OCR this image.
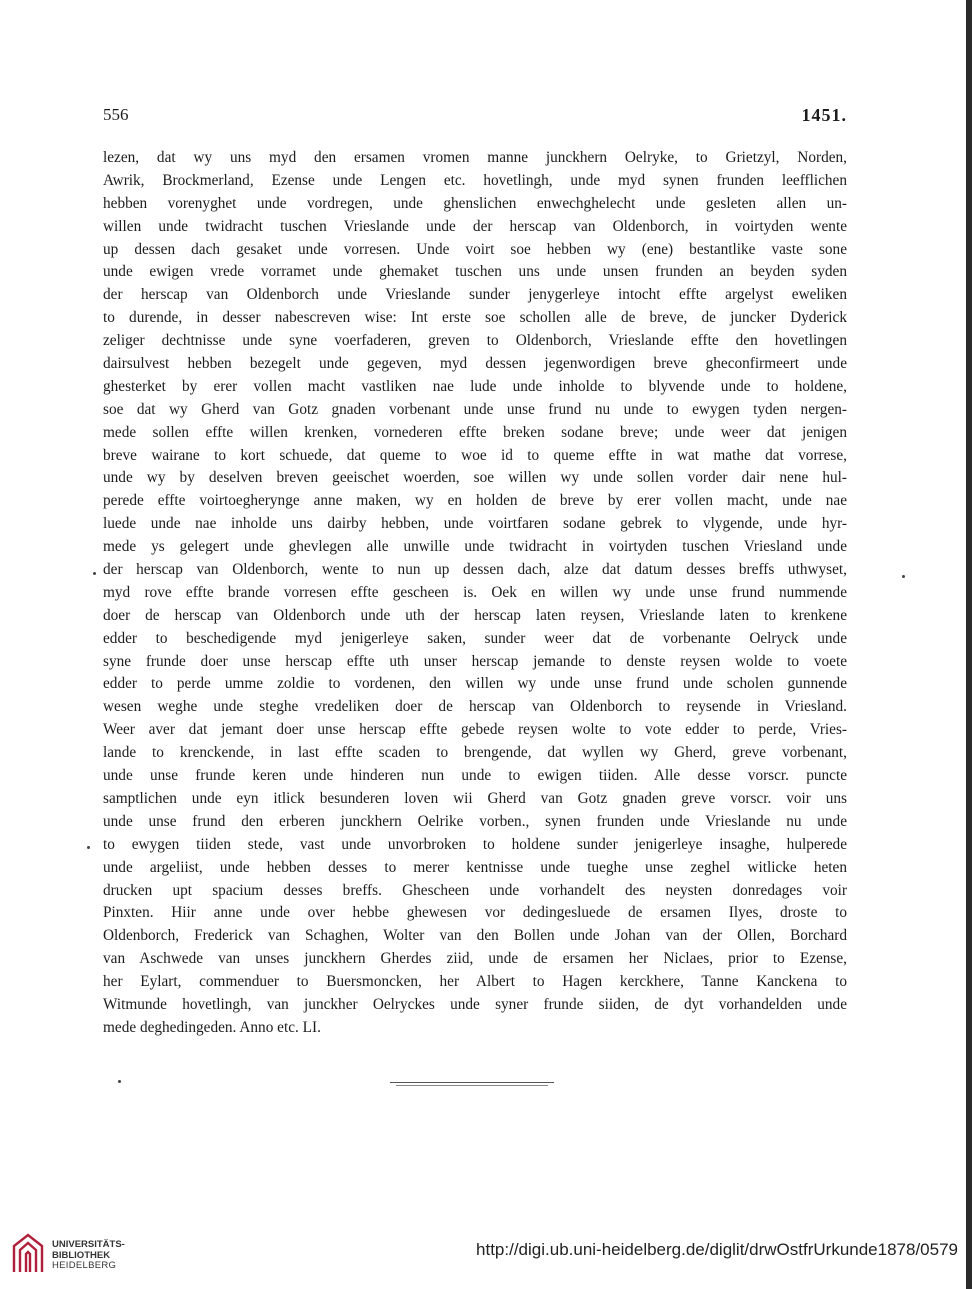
556	1451.
lezen, dat wy uns myd den ersamen vromen manne junckhern Oelryke, to Grietzyl, Norden,
Awrik, Brockmerland, Ezense unde Lengen etc. hovetlingh, unde myd synen frunden leefflichen
hebben vorenyghet unde vordregen, unde ghenslichen enwechghelecht unde gesleten allen un-
willen unde twidracht tuschen Vrieslande unde der herscap van Oldenborch, in voirtyden wente
up dessen dach gesaket unde vorresen. Unde voirt soe hebben wy (ene) bestantlike vaste sone
unde ewigen vrede vorramet unde ghemaket tuschen uns unde unsen frunden an beyden syden
der herscap van Oldenborch unde Vrieslande sunder jenygerleye intocht effte argelyst eweliken
to durende, in desser nabescreven wise: Int erste soe schollen alle de breve, de juncker Dyderick
zeliger dechtnisse unde syne voerfaderen, greven to Oldenborch, Vrieslande effte den hovetlingen
dairsulvest hebben bezegelt unde gegeven, myd dessen jegenwordigen breve gheconfirmeert unde
ghesterket by erer vollen macht vastliken nae lude unde inholde to blyvende unde to holdene,
soe dat wy Gherd van Gotz gnaden vorbenant unde unse frund nu unde to ewygen tyden nergen-
mede sollen effte willen krenken, vornederen effte breken sodane breve; unde weer dat jenigen
breve wairane to kort schuede, dat queme to woe id to queme effte in wat mathe dat vorrese,
unde wy by deselven breven geeischet woerden, soe willen wy unde sollen vorder dair nene hul-
perede effte voirtoegherynge anne maken, wy en holden de breve by erer vollen macht, unde nae
luede unde nae inholde uns dairby hebben, unde voirtfaren sodane gebrek to vlygende, unde hyr-
mede ys gelegert unde ghevlegen alle unwille unde twidracht in voirtyden tuschen Vriesland unde
der herscap van Oldenborch, wente to nun up dessen dach, alze dat datum desses breffs uthwyset,
myd rove effte brande vorresen effte gescheen is. Oek en willen wy unde unse frund nummende
doer de herscap van Oldenborch unde uth der herscap laten reysen, Vrieslande laten to krenkene
edder to beschedigende myd jenigerleye saken, sunder weer dat de vorbenante Oelryck unde
syne frunde doer unse herscap effte uth unser herscap jemande to denste reysen wolde to voete
edder to perde umme zoldie to vordenen, den willen wy unde unse frund unde scholen gunnende
wesen weghe unde steghe vredeliken doer de herscap van Oldenborch to reysende in Vriesland.
Weer aver dat jemant doer unse herscap effte gebede reysen wolte to vote edder to perde, Vries-
lande to krenckende, in last effte scaden to brengende, dat wyllen wy Gherd, greve vorbenant,
unde unse frunde keren unde hinderen nun unde to ewigen tiiden. Alle desse vorscr. puncte
samptlichen unde eyn itlick besunderen loven wii Gherd van Gotz gnaden greve vorscr. voir uns
unde unse frund den erberen junckhern Oelrike vorben., synen frunden unde Vrieslande nu unde
to ewygen tiiden stede, vast unde unvorbroken to holdene sunder jenigerleye insaghe, hulperede
unde argeliist, unde hebben desses to merer kentnisse unde tueghe unse zeghel witlicke heten
drucken upt spacium desses breffs. Ghescheen unde vorhandelt des neysten donredages voir
Pinxten. Hiir anne unde over hebbe ghewesen vor dedingesluede de ersamen Ilyes, droste to
Oldenborch, Frederick van Schaghen, Wolter van den Bollen unde Johan van der Ollen, Borchard
van Aschwede van unses junckhern Gherdes ziid, unde de ersamen her Niclaes, prior to Ezense,
her Eylart, commenduer to Buersmoncken, her Albert to Hagen kerckhere, Tanne Kanckena to
Witmunde hovetlingh, van junckher Oelryckes unde syner frunde siiden, de dyt vorhandelden unde
mede deghedingeden. Anno etc. LI.
UNIVERSITÄTS-
BIBLIOTHEK
HEIDELBERG
http://digi.ub.uni-heidelberg.de/diglit/drwOstfrUrkunde1878/0579
